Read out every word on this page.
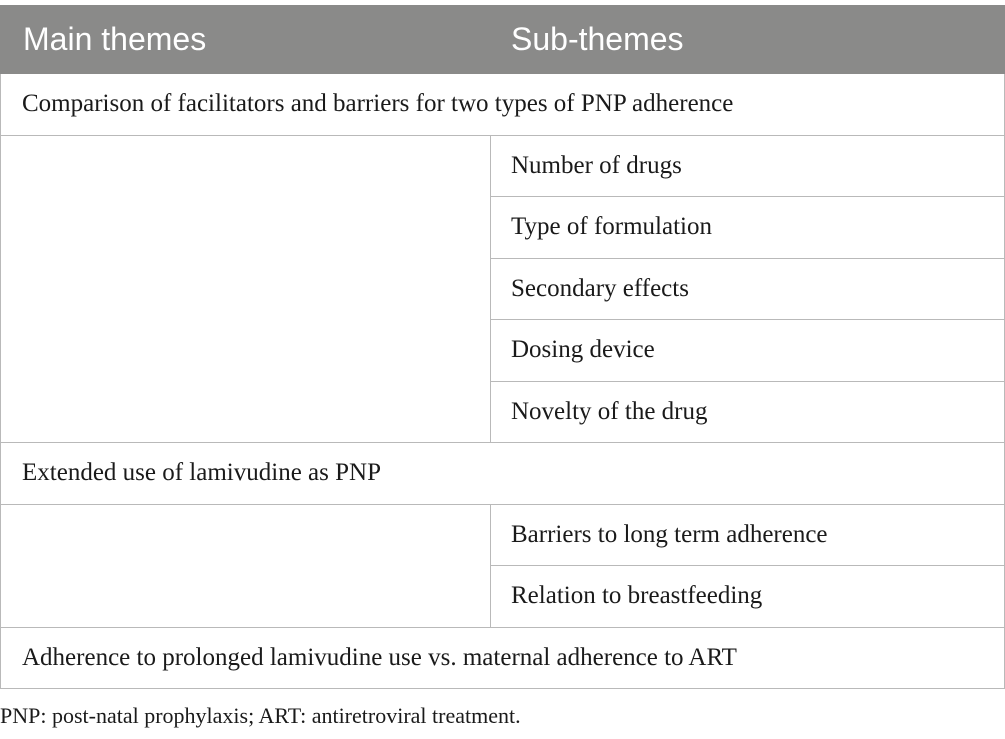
Main themes	Sub-themes
Comparison of facilitators and barriers for two types of PNP adherence	
	Number of drugs
	Type of formulation
	Secondary effects
	Dosing device
	Novelty of the drug
Extended use of lamivudine as PNP	
	Barriers to long term adherence
	Relation to breastfeeding
Adherence to prolonged lamivudine use vs. maternal adherence to ART	
PNP: post-natal prophylaxis; ART: antiretroviral treatment.
